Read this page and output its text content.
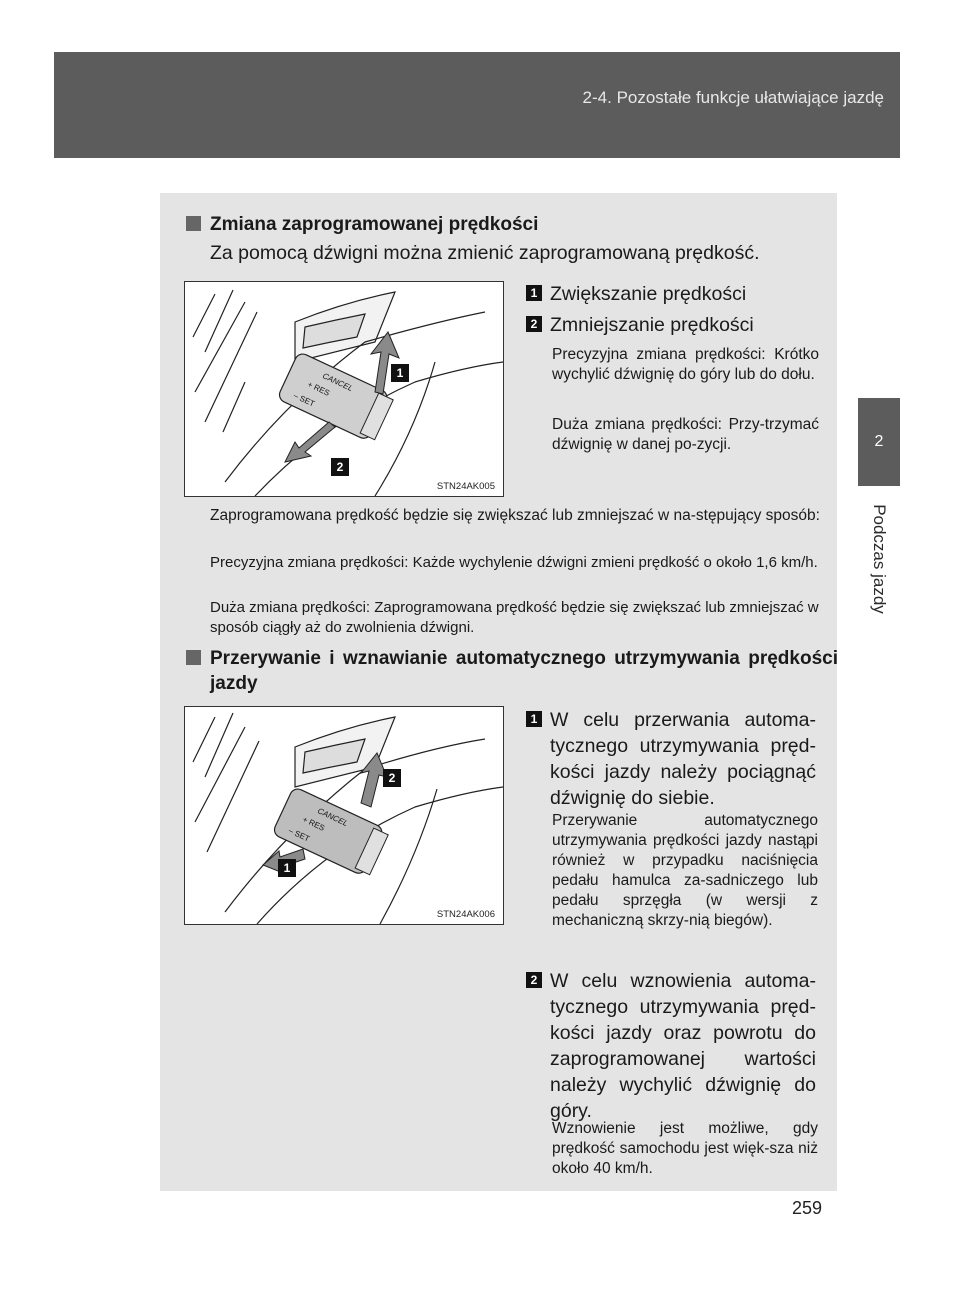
2-4. Pozostałe funkcje ułatwiające jazdę
2
Podczas jazdy
Zmiana zaprogramowanej prędkości
Za pomocą dźwigni można zmienić zaprogramowaną prędkość.
CANCEL
+ RES
– SET
1
2
STN24AK005
1 Zwiększanie prędkości
2 Zmniejszanie prędkości
Precyzyjna zmiana prędkości: Krótko wychylić dźwignię do góry lub do dołu.
Duża zmiana prędkości: Przy-trzymać dźwignię w danej po-zycji.
Zaprogramowana prędkość będzie się zwiększać lub zmniejszać w na-stępujący sposób:
Precyzyjna zmiana prędkości: Każde wychylenie dźwigni zmieni prędkość o około 1,6 km/h.
Duża zmiana prędkości: Zaprogramowana prędkość będzie się zwiększać lub zmniejszać w sposób ciągły aż do zwolnienia dźwigni.
Przerywanie i wznawianie automatycznego utrzymywania prędkości jazdy
CANCEL
+ RES
– SET
2
1
STN24AK006
1 W celu przerwania automa-tycznego utrzymywania pręd-kości jazdy należy pociągnąć dźwignię do siebie.
Przerywanie automatycznego utrzymywania prędkości jazdy nastąpi również w przypadku naciśnięcia pedału hamulca za-sadniczego lub pedału sprzęgła (w wersji z mechaniczną skrzy-nią biegów).
2 W celu wznowienia automa-tycznego utrzymywania pręd-kości jazdy oraz powrotu do zaprogramowanej wartości należy wychylić dźwignię do góry.
Wznowienie jest możliwe, gdy prędkość samochodu jest więk-sza niż około 40 km/h.
259
